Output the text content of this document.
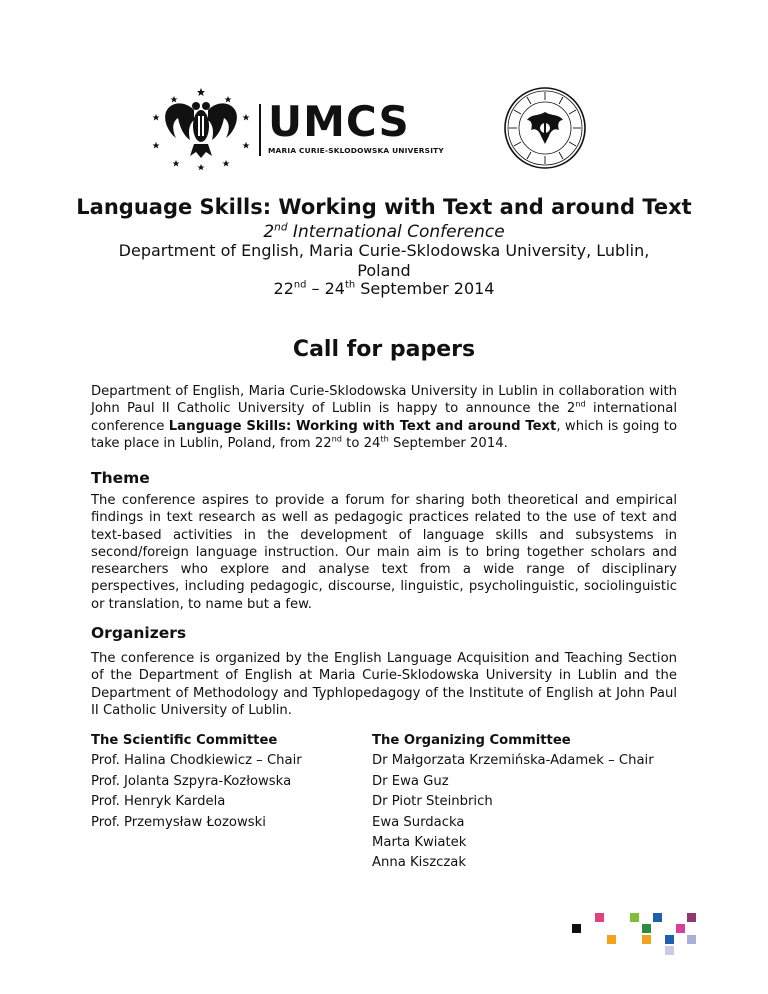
UMCS
MARIA CURIE-SKLODOWSKA UNIVERSITY
Language Skills: Working with Text and around Text
2nd International Conference
Department of English, Maria Curie-Sklodowska University, Lublin,
Poland
22nd – 24th September 2014
Call for papers
Department of English, Maria Curie-Sklodowska University in Lublin in collaboration with John Paul II Catholic University of Lublin is happy to announce the 2nd international conference Language Skills: Working with Text and around Text, which is going to take place in Lublin, Poland, from 22nd to 24th September 2014.
Theme
The conference aspires to provide a forum for sharing both theoretical and empirical findings in text research as well as pedagogic practices related to the use of text and text-based activities in the development of language skills and subsystems in second/foreign language instruction. Our main aim is to bring together scholars and researchers who explore and analyse text from a wide range of disciplinary perspectives, including pedagogic, discourse, linguistic, psycholinguistic, sociolinguistic or translation, to name but a few.
Organizers
The conference is organized by the English Language Acquisition and Teaching Section of the Department of English at Maria Curie-Sklodowska University in Lublin and the Department of Methodology and Typhlopedagogy of the Institute of English at John Paul II Catholic University of Lublin.
The Scientific Committee
Prof. Halina Chodkiewicz – Chair
Prof. Jolanta Szpyra-Kozłowska
Prof. Henryk Kardela
Prof. Przemysław Łozowski
The Organizing Committee
Dr Małgorzata Krzemińska-Adamek – Chair
Dr Ewa Guz
Dr Piotr Steinbrich
Ewa Surdacka
Marta Kwiatek
Anna Kiszczak
